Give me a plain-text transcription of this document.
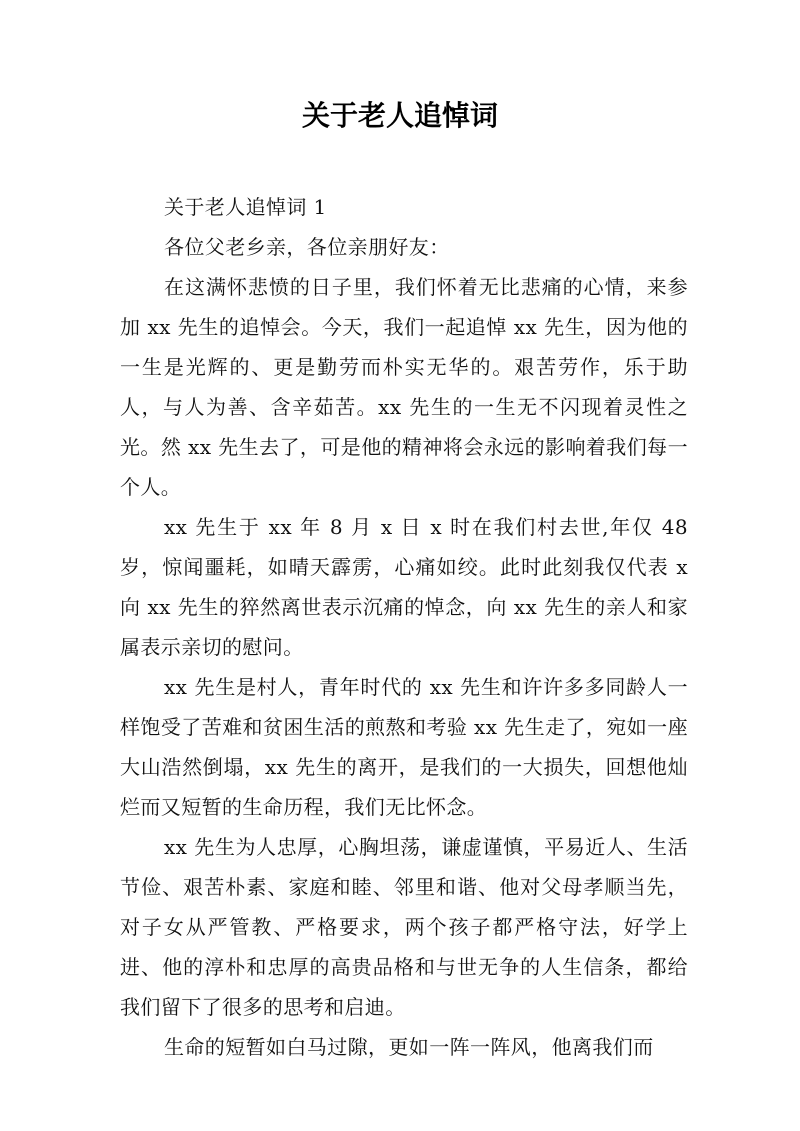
关于老人追悼词

关于老人追悼词 1

各位父老乡亲，各位亲朋好友：

在这满怀悲愤的日子里，我们怀着无比悲痛的心情，来参加 xx 先生的追悼会。今天，我们一起追悼 xx 先生，因为他的一生是光辉的、更是勤劳而朴实无华的。艰苦劳作，乐于助人，与人为善、含辛茹苦。xx 先生的一生无不闪现着灵性之光。然 xx 先生去了，可是他的精神将会永远的影响着我们每一个人。

xx 先生于 xx 年 8 月 x 日 x 时在我们村去世,年仅 48 岁，惊闻噩耗，如晴天霹雳，心痛如绞。此时此刻我仅代表 x 向 xx 先生的猝然离世表示沉痛的悼念，向 xx 先生的亲人和家属表示亲切的慰问。

xx 先生是村人，青年时代的 xx 先生和许许多多同龄人一样饱受了苦难和贫困生活的煎熬和考验 xx 先生走了，宛如一座大山浩然倒塌，xx 先生的离开，是我们的一大损失，回想他灿烂而又短暂的生命历程，我们无比怀念。

xx 先生为人忠厚，心胸坦荡，谦虚谨慎，平易近人、生活节俭、艰苦朴素、家庭和睦、邻里和谐、他对父母孝顺当先，对子女从严管教、严格要求，两个孩子都严格守法，好学上进、他的淳朴和忠厚的高贵品格和与世无争的人生信条，都给我们留下了很多的思考和启迪。

生命的短暂如白马过隙，更如一阵一阵风，他离我们而
